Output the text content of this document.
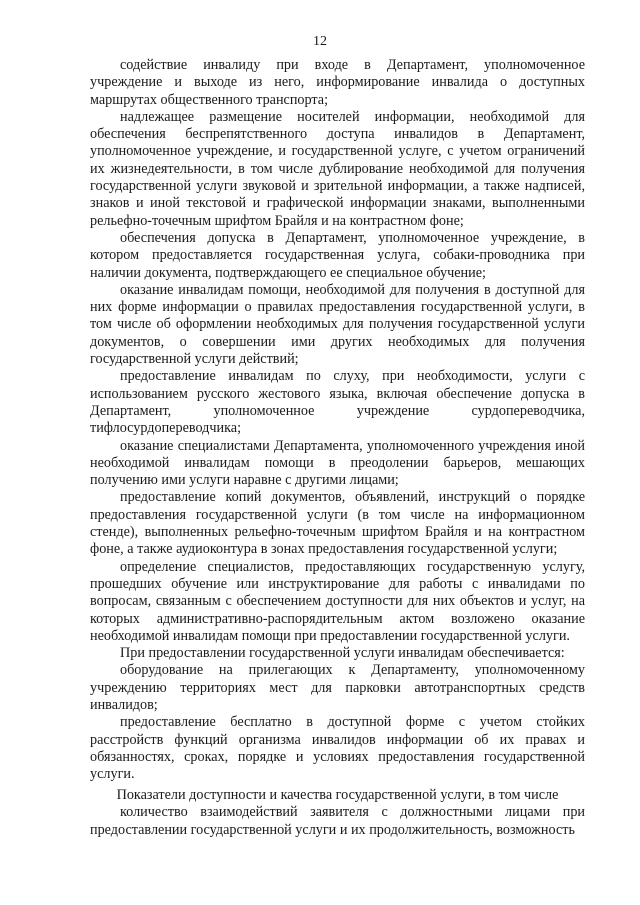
12

содействие инвалиду при входе в Департамент, уполномоченное учреждение и выходе из него, информирование инвалида о доступных маршрутах общественного транспорта;

надлежащее размещение носителей информации, необходимой для обеспечения беспрепятственного доступа инвалидов в Департамент, уполномоченное учреждение, и государственной услуге, с учетом ограничений их жизнедеятельности, в том числе дублирование необходимой для получения государственной услуги звуковой и зрительной информации, а также надписей, знаков и иной текстовой и графической информации знаками, выполненными рельефно-точечным шрифтом Брайля и на контрастном фоне;

обеспечения допуска в Департамент, уполномоченное учреждение, в котором предоставляется государственная услуга, собаки-проводника при наличии документа, подтверждающего ее специальное обучение;

оказание инвалидам помощи, необходимой для получения в доступной для них форме информации о правилах предоставления государственной услуги, в том числе об оформлении необходимых для получения государственной услуги документов, о совершении ими других необходимых для получения государственной услуги действий;

предоставление инвалидам по слуху, при необходимости, услуги с использованием русского жестового языка, включая обеспечение допуска в Департамент, уполномоченное учреждение сурдопереводчика, тифлосурдопереводчика;

оказание специалистами Департамента, уполномоченного учреждения иной необходимой инвалидам помощи в преодолении барьеров, мешающих получению ими услуги наравне с другими лицами;

предоставление копий документов, объявлений, инструкций о порядке предоставления государственной услуги (в том числе на информационном стенде), выполненных рельефно-точечным шрифтом Брайля и на контрастном фоне, а также аудиоконтура в зонах предоставления государственной услуги;

определение специалистов, предоставляющих государственную услугу, прошедших обучение или инструктирование для работы с инвалидами по вопросам, связанным с обеспечением доступности для них объектов и услуг, на которых административно-распорядительным актом возложено оказание необходимой инвалидам помощи при предоставлении государственной услуги.

При предоставлении государственной услуги инвалидам обеспечивается:

оборудование на прилегающих к Департаменту, уполномоченному учреждению территориях мест для парковки автотранспортных средств инвалидов;

предоставление бесплатно в доступной форме с учетом стойких расстройств функций организма инвалидов информации об их правах и обязанностях, сроках, порядке и условиях предоставления государственной услуги.

Показатели доступности и качества государственной услуги, в том числе

количество взаимодействий заявителя с должностными лицами при предоставлении государственной услуги и их продолжительность, возможность
